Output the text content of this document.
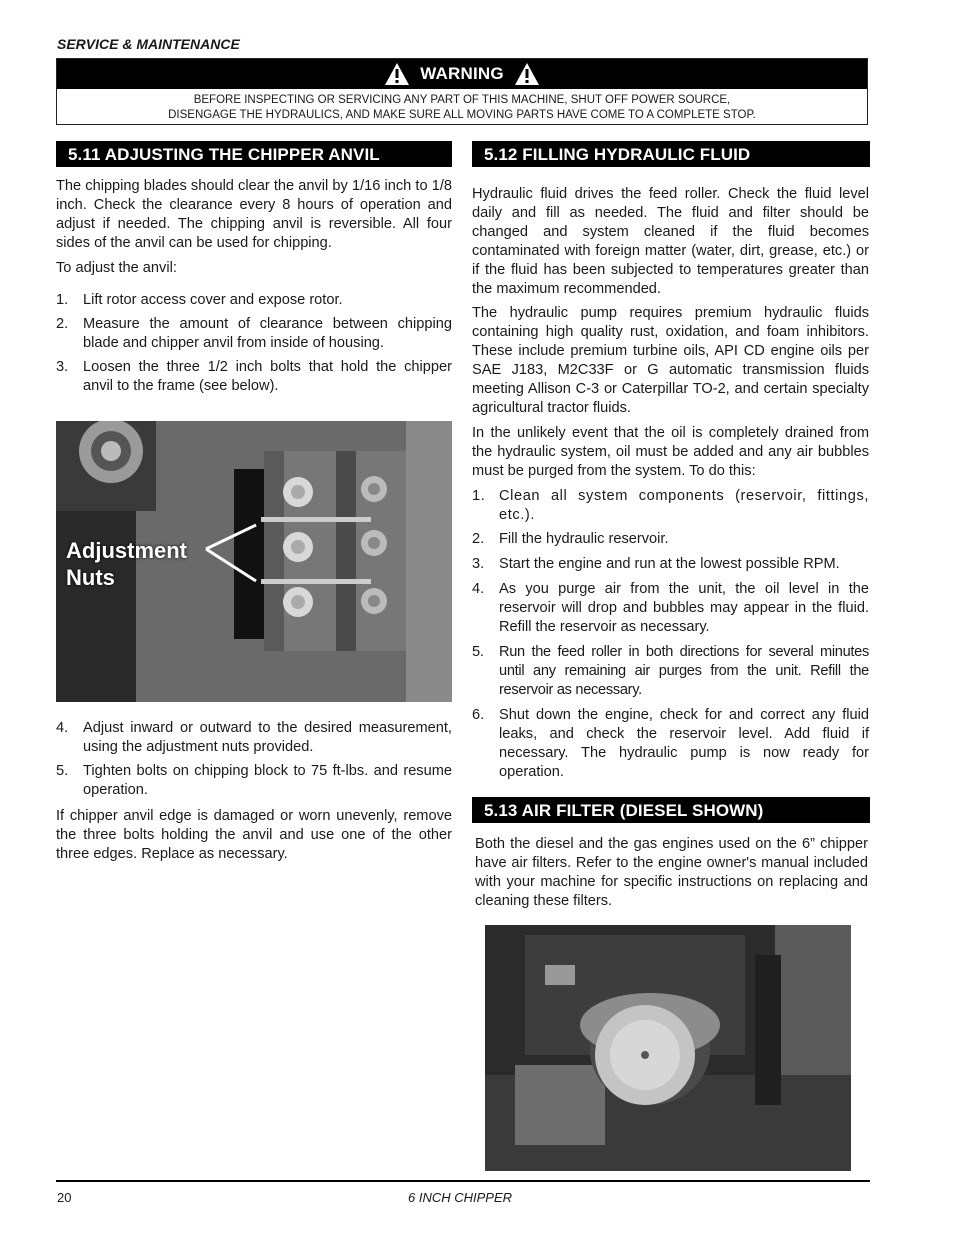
SERVICE & MAINTENANCE
WARNING
BEFORE INSPECTING OR SERVICING ANY PART OF THIS MACHINE, SHUT OFF POWER SOURCE,
DISENGAGE THE HYDRAULICS, AND MAKE SURE ALL MOVING PARTS HAVE COME TO A COMPLETE STOP.
5.11 ADJUSTING THE CHIPPER ANVIL

The chipping blades should clear the anvil by 1/16 inch to 1/8 inch. Check the clearance every 8 hours of operation and adjust if needed. The chipping anvil is reversible. All four sides of the anvil can be used for chipping.

To adjust the anvil:

1. Lift rotor access cover and expose rotor.
2. Measure the amount of clearance between chipping blade and chipper anvil from inside of housing.
3. Loosen the three 1/2 inch bolts that hold the chipper anvil to the frame (see below).
Adjustment
Nuts
4. Adjust inward or outward to the desired measurement, using the adjustment nuts provided.
5. Tighten bolts on chipping block to 75 ft-lbs. and resume operation.

If chipper anvil edge is damaged or worn unevenly, remove the three bolts holding the anvil and use one of the other three edges. Replace as necessary.

5.12 FILLING HYDRAULIC FLUID

Hydraulic fluid drives the feed roller. Check the fluid level daily and fill as needed. The fluid and filter should be changed and system cleaned if the fluid becomes contaminated with foreign matter (water, dirt, grease, etc.) or if the fluid has been subjected to temperatures greater than the maximum recommended.

The hydraulic pump requires premium hydraulic fluids containing high quality rust, oxidation, and foam inhibitors. These include premium turbine oils, API CD engine oils per SAE J183, M2C33F or G automatic transmission fluids meeting Allison C-3 or Caterpillar TO-2, and certain specialty agricultural tractor fluids.

In the unlikely event that the oil is completely drained from the hydraulic system, oil must be added and any air bubbles must be purged from the system. To do this:

1. Clean all system components (reservoir, fittings, etc.).
2. Fill the hydraulic reservoir.
3. Start the engine and run at the lowest possible RPM.
4. As you purge air from the unit, the oil level in the reservoir will drop and bubbles may appear in the fluid. Refill the reservoir as necessary.
5. Run the feed roller in both directions for several minutes until any remaining air purges from the unit. Refill the reservoir as necessary.
6. Shut down the engine, check for and correct any fluid leaks, and check the reservoir level. Add fluid if necessary. The hydraulic pump is now ready for operation.
5.13 AIR FILTER (DIESEL SHOWN)

Both the diesel and the gas engines used on the 6” chipper have air filters. Refer to the engine owner's manual included with your machine for specific instructions on replacing and cleaning these filters.

20	6 INCH CHIPPER
